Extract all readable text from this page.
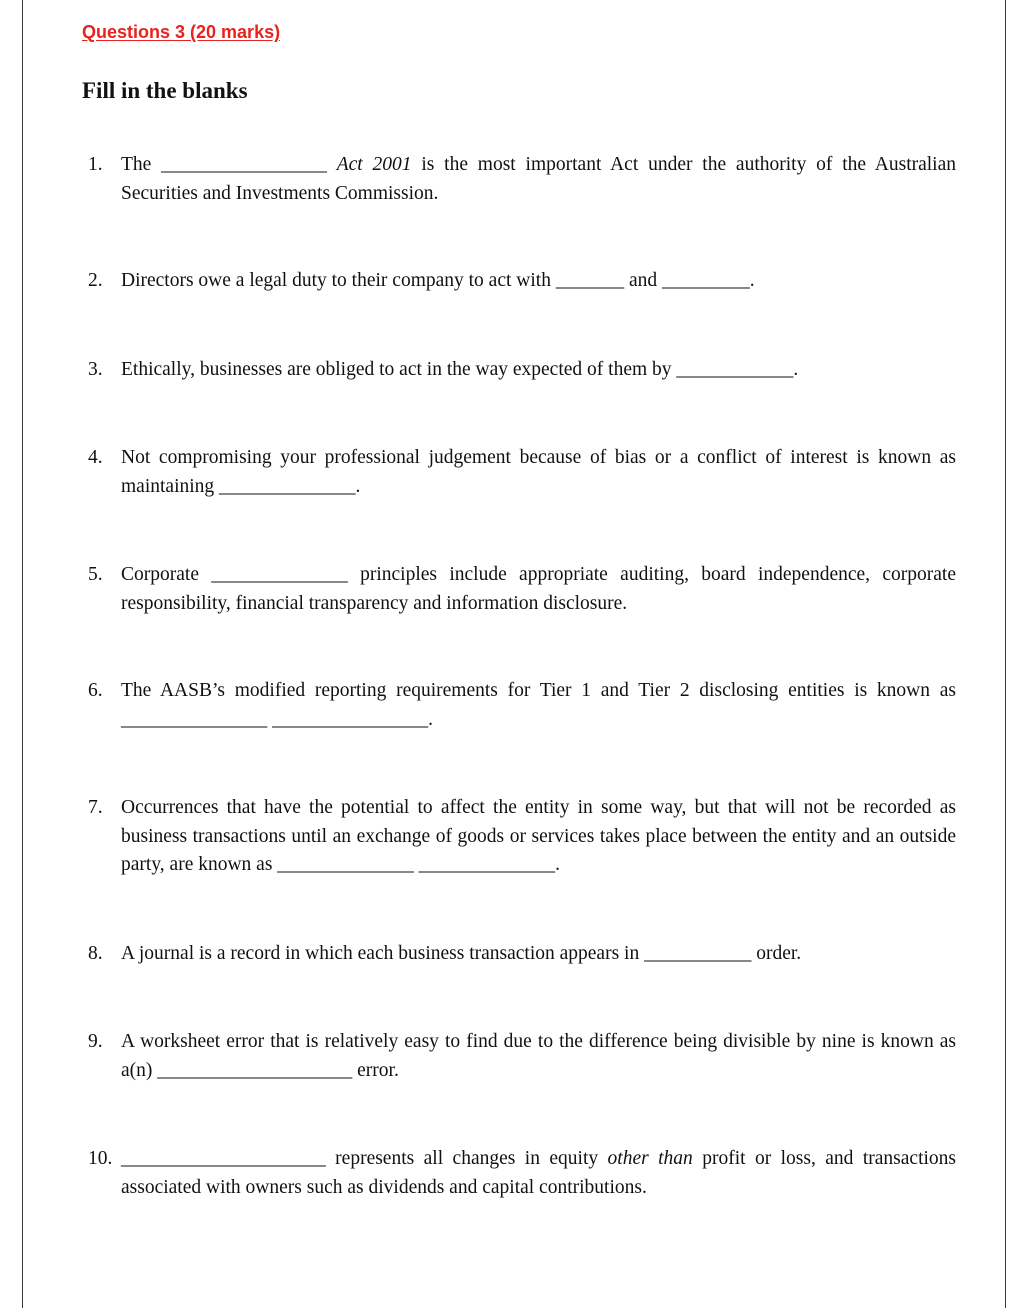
Questions 3 (20 marks)
Fill in the blanks
1. The _________________ Act 2001 is the most important Act under the authority of the Australian Securities and Investments Commission.
2. Directors owe a legal duty to their company to act with _______ and _________.
3. Ethically, businesses are obliged to act in the way expected of them by ____________.
4. Not compromising your professional judgement because of bias or a conflict of interest is known as maintaining ______________.
5. Corporate ______________ principles include appropriate auditing, board independence, corporate responsibility, financial transparency and information disclosure.
6. The AASB’s modified reporting requirements for Tier 1 and Tier 2 disclosing entities is known as _______________ ________________.
7. Occurrences that have the potential to affect the entity in some way, but that will not be recorded as business transactions until an exchange of goods or services takes place between the entity and an outside party, are known as ______________ ______________.
8. A journal is a record in which each business transaction appears in ___________ order.
9. A worksheet error that is relatively easy to find due to the difference being divisible by nine is known as a(n) ____________________ error.
10. _____________________ represents all changes in equity other than profit or loss, and transactions associated with owners such as dividends and capital contributions.
